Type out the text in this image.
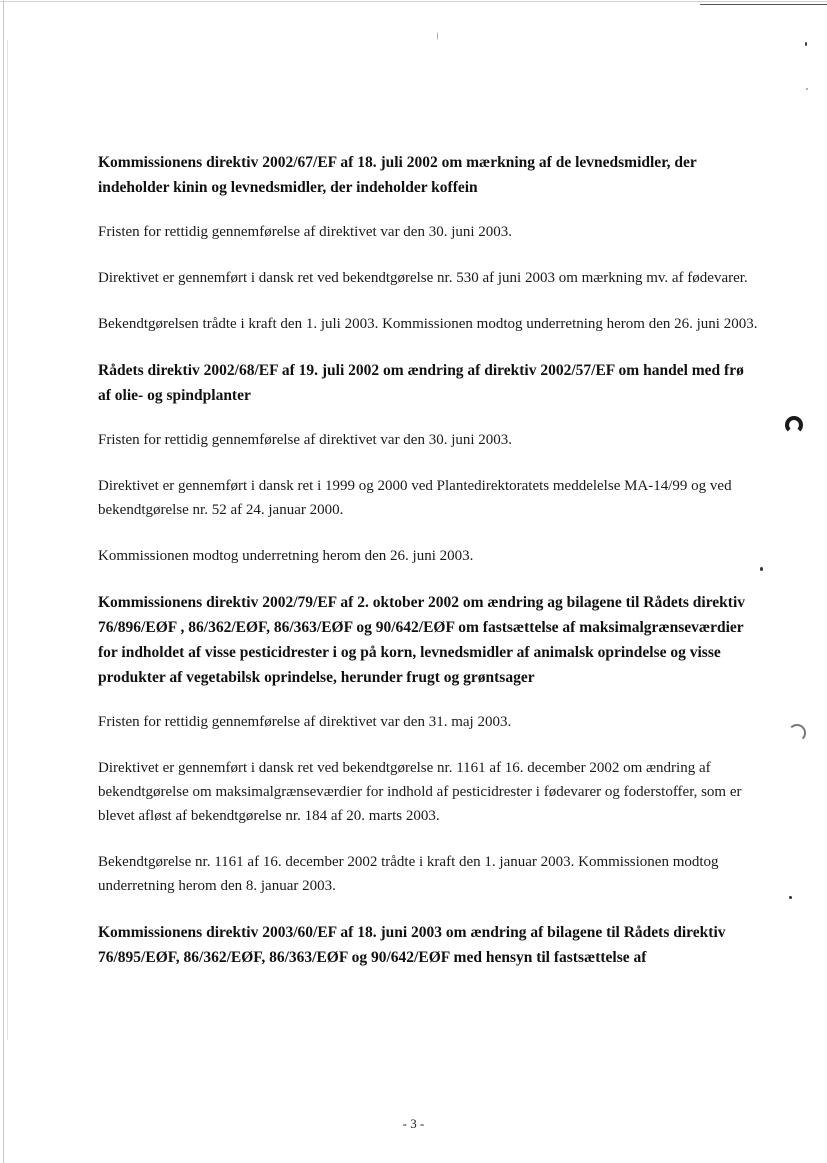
Kommissionens direktiv 2002/67/EF af 18. juli 2002 om mærkning af de levnedsmidler, der indeholder kinin og levnedsmidler, der indeholder koffein

Fristen for rettidig gennemførelse af direktivet var den 30. juni 2003.

Direktivet er gennemført i dansk ret ved bekendtgørelse nr. 530 af juni 2003 om mærkning mv. af fødevarer.

Bekendtgørelsen trådte i kraft den 1. juli 2003. Kommissionen modtog underretning herom den 26. juni 2003.

Rådets direktiv 2002/68/EF af 19. juli 2002 om ændring af direktiv 2002/57/EF om handel med frø af olie- og spindplanter

Fristen for rettidig gennemførelse af direktivet var den 30. juni 2003.

Direktivet er gennemført i dansk ret i 1999 og 2000 ved Plantedirektoratets meddelelse MA-14/99 og ved bekendtgørelse nr. 52 af 24. januar 2000.

Kommissionen modtog underretning herom den 26. juni 2003.

Kommissionens direktiv 2002/79/EF af 2. oktober 2002 om ændring ag bilagene til Rådets direktiv 76/896/EØF , 86/362/EØF, 86/363/EØF og 90/642/EØF om fastsættelse af maksimalgrænseværdier for indholdet af visse pesticidrester i og på korn, levnedsmidler af animalsk oprindelse og visse produkter af vegetabilsk oprindelse, herunder frugt og grøntsager

Fristen for rettidig gennemførelse af direktivet var den 31. maj 2003.

Direktivet er gennemført i dansk ret ved bekendtgørelse nr. 1161 af 16. december 2002 om ændring af bekendtgørelse om maksimalgrænseværdier for indhold af pesticidrester i fødevarer og foderstoffer, som er blevet afløst af bekendtgørelse nr. 184 af 20. marts 2003.

Bekendtgørelse nr. 1161 af 16. december 2002 trådte i kraft den 1. januar 2003. Kommissionen modtog underretning herom den 8. januar 2003.

Kommissionens direktiv 2003/60/EF af 18. juni 2003 om ændring af bilagene til Rådets direktiv 76/895/EØF, 86/362/EØF, 86/363/EØF og 90/642/EØF med hensyn til fastsættelse af

- 3 -
